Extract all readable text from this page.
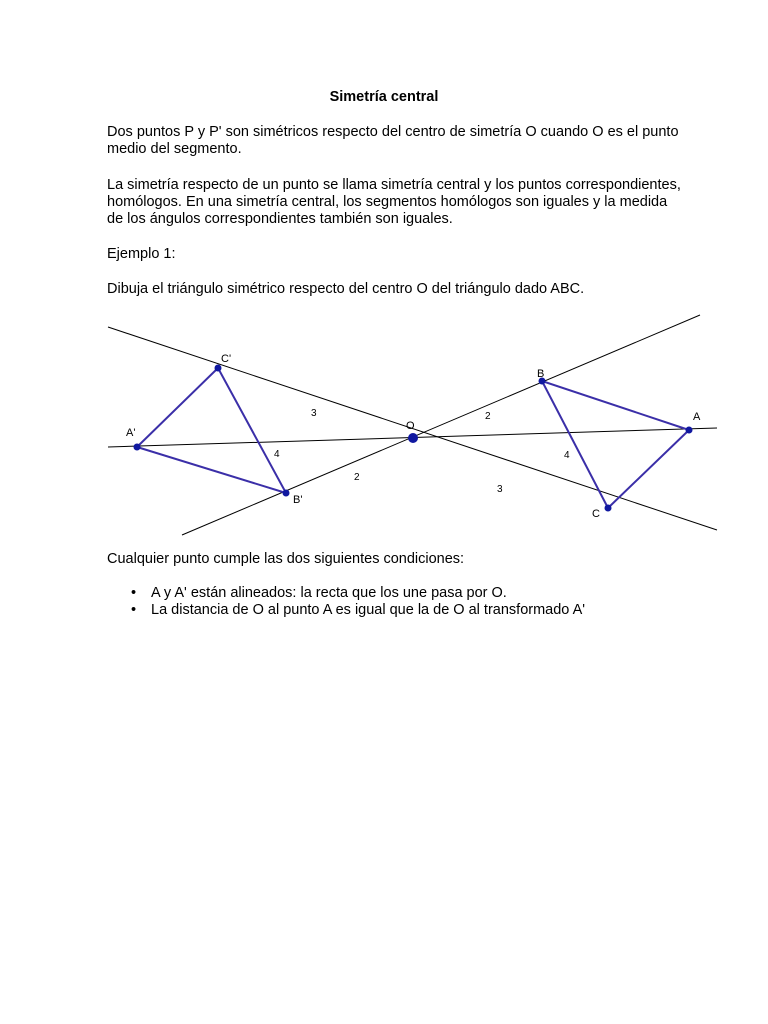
Simetría central

Dos puntos P y P' son simétricos respecto del centro de simetría O cuando O es el punto medio del segmento.

La simetría respecto de un punto se llama simetría central y los puntos correspondientes, homólogos. En una simetría central, los segmentos homólogos son iguales y la medida de los ángulos correspondientes también son iguales.

Ejemplo 1:

Dibuja el triángulo simétrico respecto del centro O del triángulo dado ABC.

A'
C'
B'
O
A
B
C
3
4
2
2
4
3

Cualquier punto cumple las dos siguientes condiciones:

• A y A' están alineados: la recta que los une pasa por O.
• La distancia de O al punto A es igual que la de O al transformado A'
